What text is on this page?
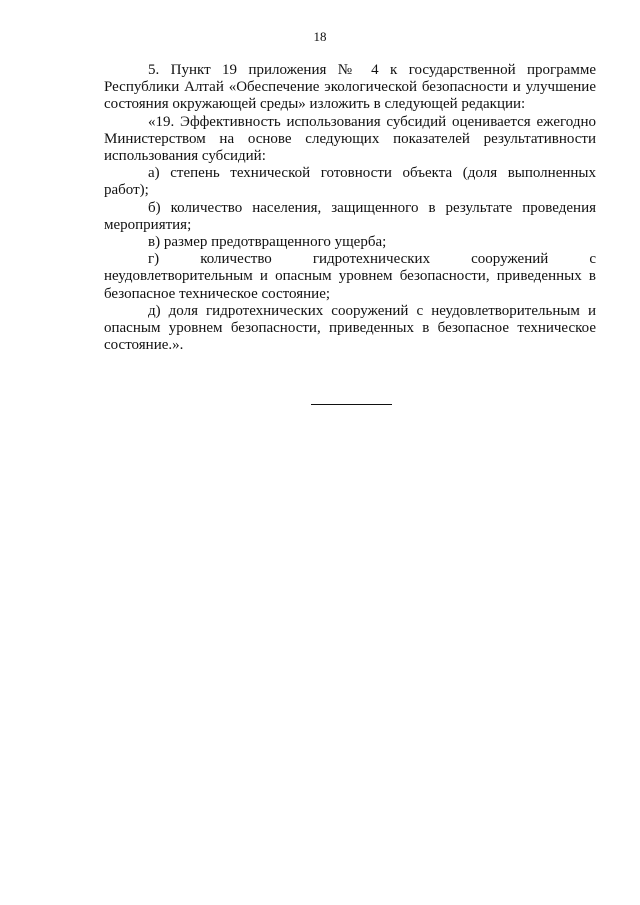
18

5. Пункт 19 приложения № 4 к государственной программе Республики Алтай «Обеспечение экологической безопасности и улучшение состояния окружающей среды» изложить в следующей редакции:

«19. Эффективность использования субсидий оценивается ежегодно Министерством на основе следующих показателей результативности использования субсидий:

а) степень технической готовности объекта (доля выполненных работ);

б) количество населения, защищенного в результате проведения мероприятия;

в) размер предотвращенного ущерба;

г) количество гидротехнических сооружений с неудовлетворительным и опасным уровнем безопасности, приведенных в безопасное техническое состояние;

д) доля гидротехнических сооружений с неудовлетворительным и опасным уровнем безопасности, приведенных в безопасное техническое состояние.».
